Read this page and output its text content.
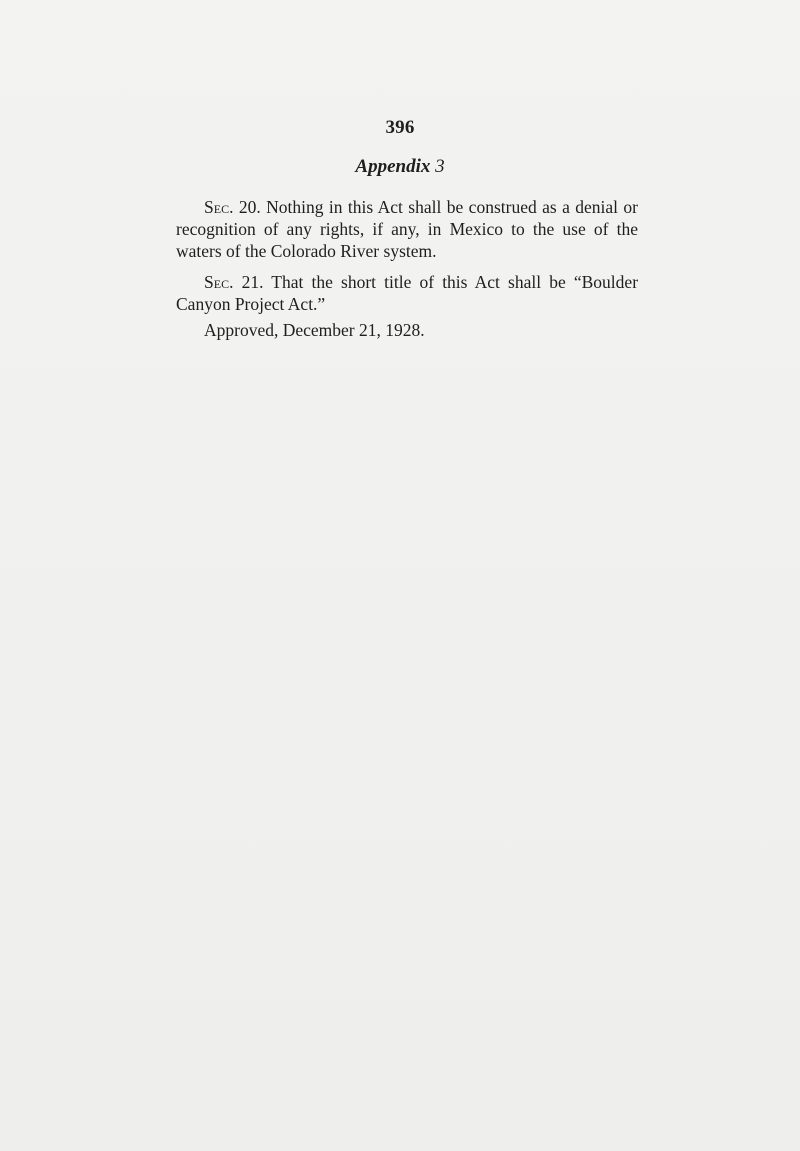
396
Appendix 3

Sec. 20. Nothing in this Act shall be construed as a denial or recognition of any rights, if any, in Mexico to the use of the waters of the Colorado River system.

Sec. 21. That the short title of this Act shall be “Boulder Canyon Project Act.”

Approved, December 21, 1928.
